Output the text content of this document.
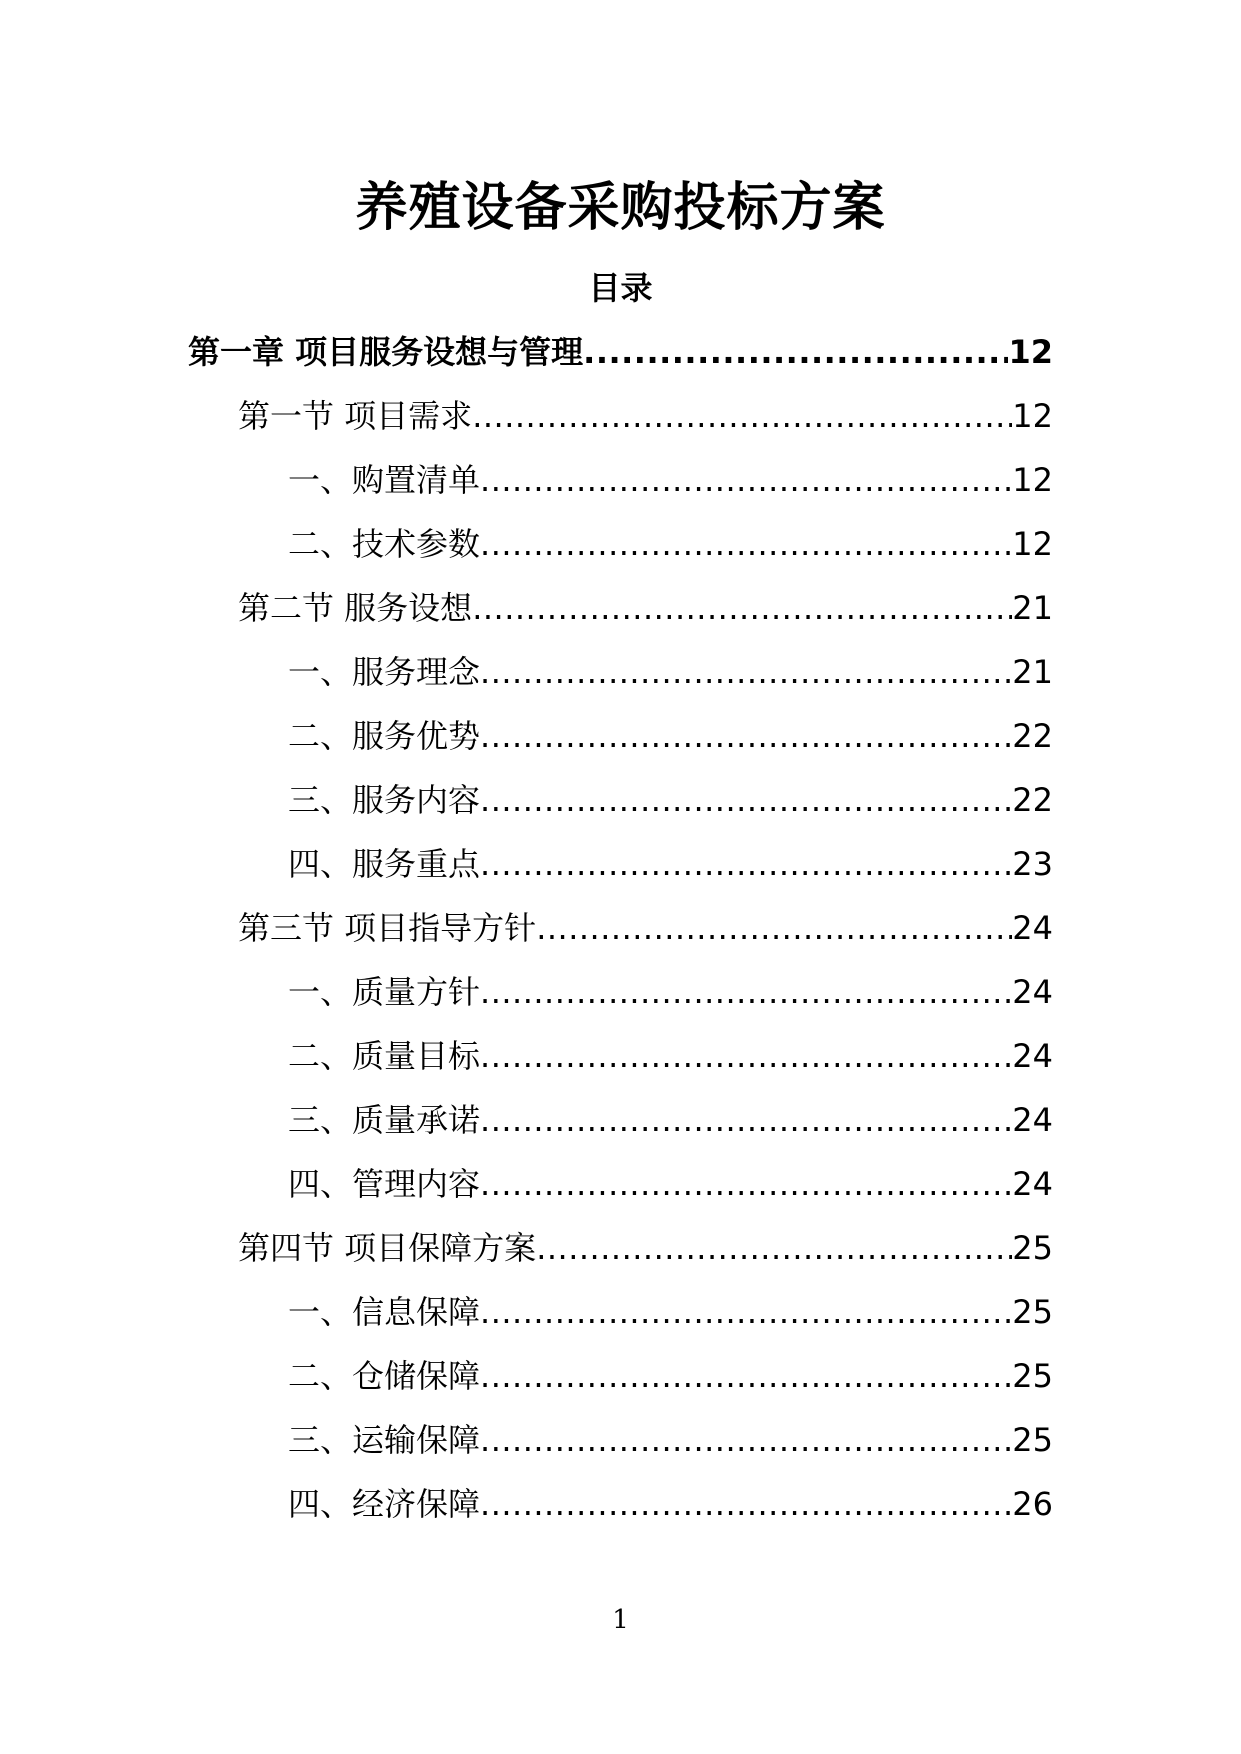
养殖设备采购投标方案
目录
第一章 项目服务设想与管理 .....	12
第一节 项目需求 .....	12
一、购置清单 .....	12
二、技术参数 .....	12
第二节 服务设想 .....	21
一、服务理念 .....	21
二、服务优势 .....	22
三、服务内容 .....	22
四、服务重点 .....	23
第三节 项目指导方针 .....	24
一、质量方针 .....	24
二、质量目标 .....	24
三、质量承诺 .....	24
四、管理内容 .....	24
第四节 项目保障方案 .....	25
一、信息保障 .....	25
二、仓储保障 .....	25
三、运输保障 .....	25
四、经济保障 .....	26
1
